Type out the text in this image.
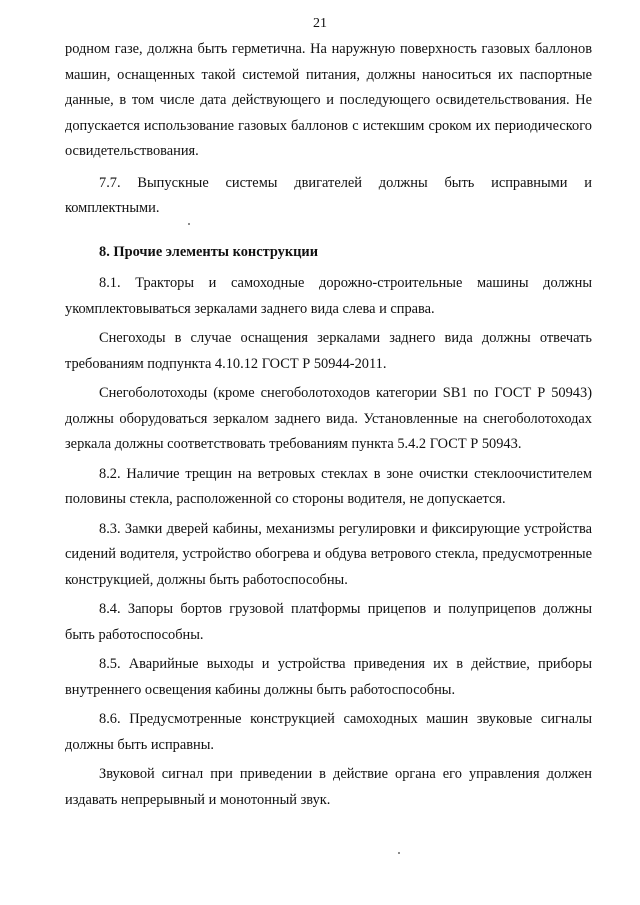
21

родном газе, должна быть герметична. На наружную поверхность газовых баллонов машин, оснащенных такой системой питания, должны наноситься их паспортные данные, в том числе дата действующего и последующего освидетельствования. Не допускается использование газовых баллонов с истекшим сроком их периодического освидетельствования.

7.7. Выпускные системы двигателей должны быть исправными и комплектными.

8. Прочие элементы конструкции

8.1. Тракторы и самоходные дорожно-строительные машины должны укомплектовываться зеркалами заднего вида слева и справа.

Снегоходы в случае оснащения зеркалами заднего вида должны отвечать требованиям подпункта 4.10.12 ГОСТ Р 50944-2011.

Снегоболотоходы (кроме снегоболотоходов категории SB1 по ГОСТ Р 50943) должны оборудоваться зеркалом заднего вида. Установленные на снегоболотоходах зеркала должны соответствовать требованиям пункта 5.4.2 ГОСТ Р 50943.

8.2. Наличие трещин на ветровых стеклах в зоне очистки стеклоочистителем половины стекла, расположенной со стороны водителя, не допускается.

8.3. Замки дверей кабины, механизмы регулировки и фиксирующие устройства сидений водителя, устройство обогрева и обдува ветрового стекла, предусмотренные конструкцией, должны быть работоспособны.

8.4. Запоры бортов грузовой платформы прицепов и полуприцепов должны быть работоспособны.

8.5. Аварийные выходы и устройства приведения их в действие, приборы внутреннего освещения кабины должны быть работоспособны.

8.6. Предусмотренные конструкцией самоходных машин звуковые сигналы должны быть исправны.

Звуковой сигнал при приведении в действие органа его управления должен издавать непрерывный и монотонный звук.
